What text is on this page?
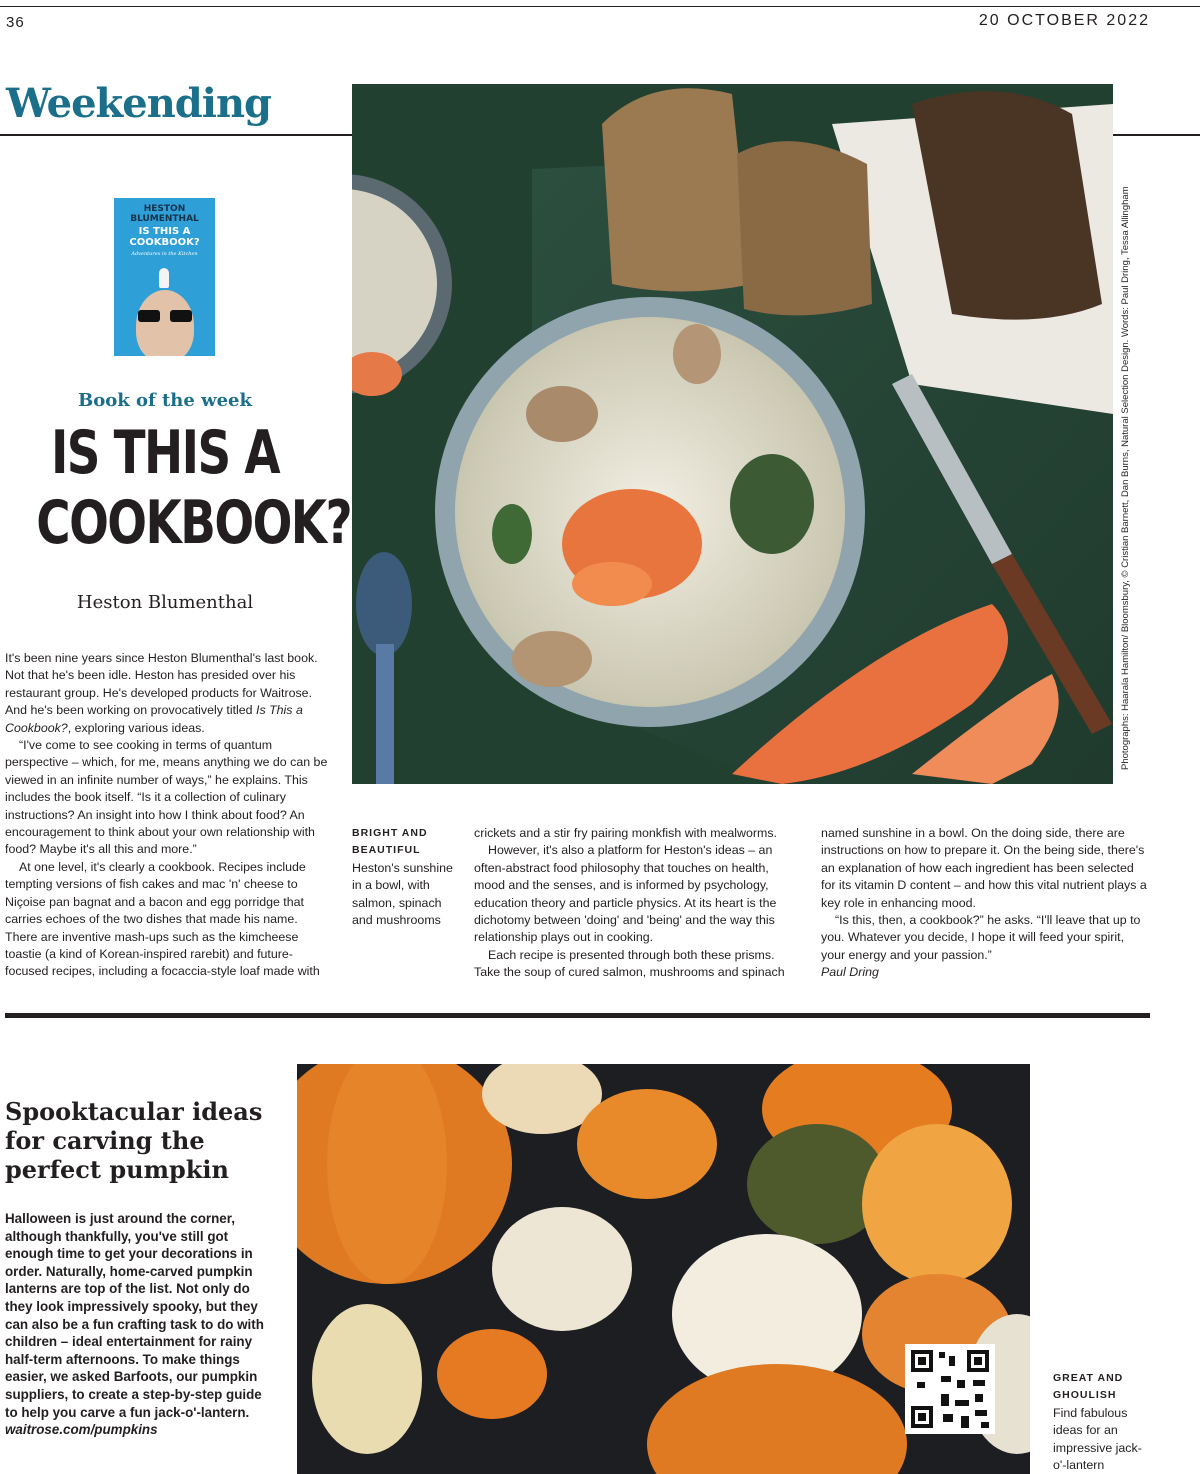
36	20 OCTOBER 2022
Weekending
HESTON BLUMENTHAL
IS THIS A COOKBOOK?
Adventures in the Kitchen
Book of the week
IS THIS A
COOKBOOK?
Heston Blumenthal	Photographs: Haarala Hamilton/ Bloomsbury, © Cristian Barnett, Dan Burns, Natural Selection Design. Words: Paul Dring, Tessa Allingham

It's been nine years since Heston Blumenthal's last book. Not that he's been idle. Heston has presided over his restaurant group. He's developed products for Waitrose. And he's been working on provocatively titled Is This a Cookbook?, exploring various ideas.

“I've come to see cooking in terms of quantum perspective – which, for me, means anything we do can be viewed in an infinite number of ways,” he explains. This includes the book itself. “Is it a collection of culinary instructions? An insight into how I think about food? An encouragement to think about your own relationship with food? Maybe it's all this and more.”

At one level, it's clearly a cookbook. Recipes include tempting versions of fish cakes and mac 'n' cheese to Niçoise pan bagnat and a bacon and egg porridge that carries echoes of the two dishes that made his name. There are inventive mash-ups such as the kimcheese toastie (a kind of Korean-inspired rarebit) and future-focused recipes, including a focaccia-style loaf made with

BRIGHT AND BEAUTIFUL
Heston's sunshine in a bowl, with salmon, spinach and mushrooms

crickets and a stir fry pairing monkfish with mealworms.

However, it's also a platform for Heston's ideas – an often-abstract food philosophy that touches on health, mood and the senses, and is informed by psychology, education theory and particle physics. At its heart is the dichotomy between 'doing' and 'being' and the way this relationship plays out in cooking.

Each recipe is presented through both these prisms. Take the soup of cured salmon, mushrooms and spinach

named sunshine in a bowl. On the doing side, there are instructions on how to prepare it. On the being side, there's an explanation of how each ingredient has been selected for its vitamin D content – and how this vital nutrient plays a key role in enhancing mood.

“Is this, then, a cookbook?” he asks. “I'll leave that up to you. Whatever you decide, I hope it will feed your spirit, your energy and your passion.”

Paul Dring

Spooktacular ideas for carving the perfect pumpkin
Halloween is just around the corner, although thankfully, you've still got enough time to get your decorations in order. Naturally, home-carved pumpkin lanterns are top of the list. Not only do they look impressively spooky, but they can also be a fun crafting task to do with children – ideal entertainment for rainy half-term afternoons. To make things easier, we asked Barfoots, our pumpkin suppliers, to create a step-by-step guide to help you carve a fun jack-o'-lantern. waitrose.com/pumpkins
GREAT AND GHOULISH
Find fabulous ideas for an impressive jack-o'-lantern
